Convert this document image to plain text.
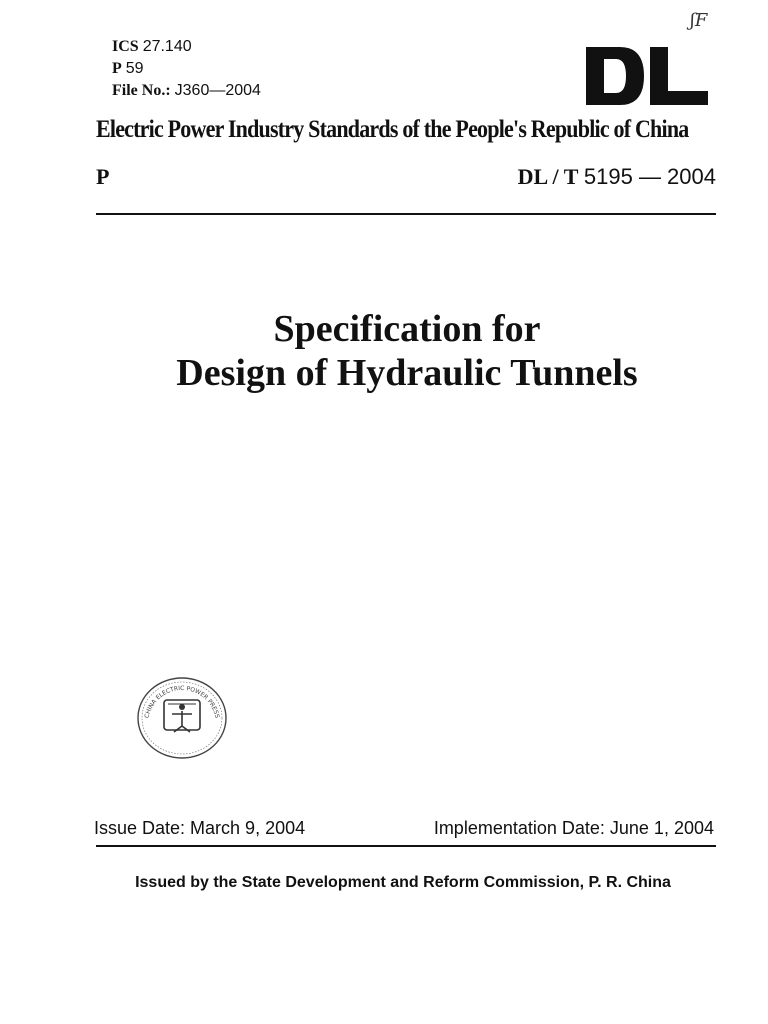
ʃF
ICS 27.140
P 59
File No.: J360—2004
Electric Power Industry Standards of the People's Republic of China
P	DL / T 5195 — 2004
Specification for
Design of Hydraulic Tunnels
CHINA ELECTRIC POWER PRESS
Issue Date: March 9, 2004	Implementation Date: June 1, 2004
Issued by the State Development and Reform Commission, P. R. China
